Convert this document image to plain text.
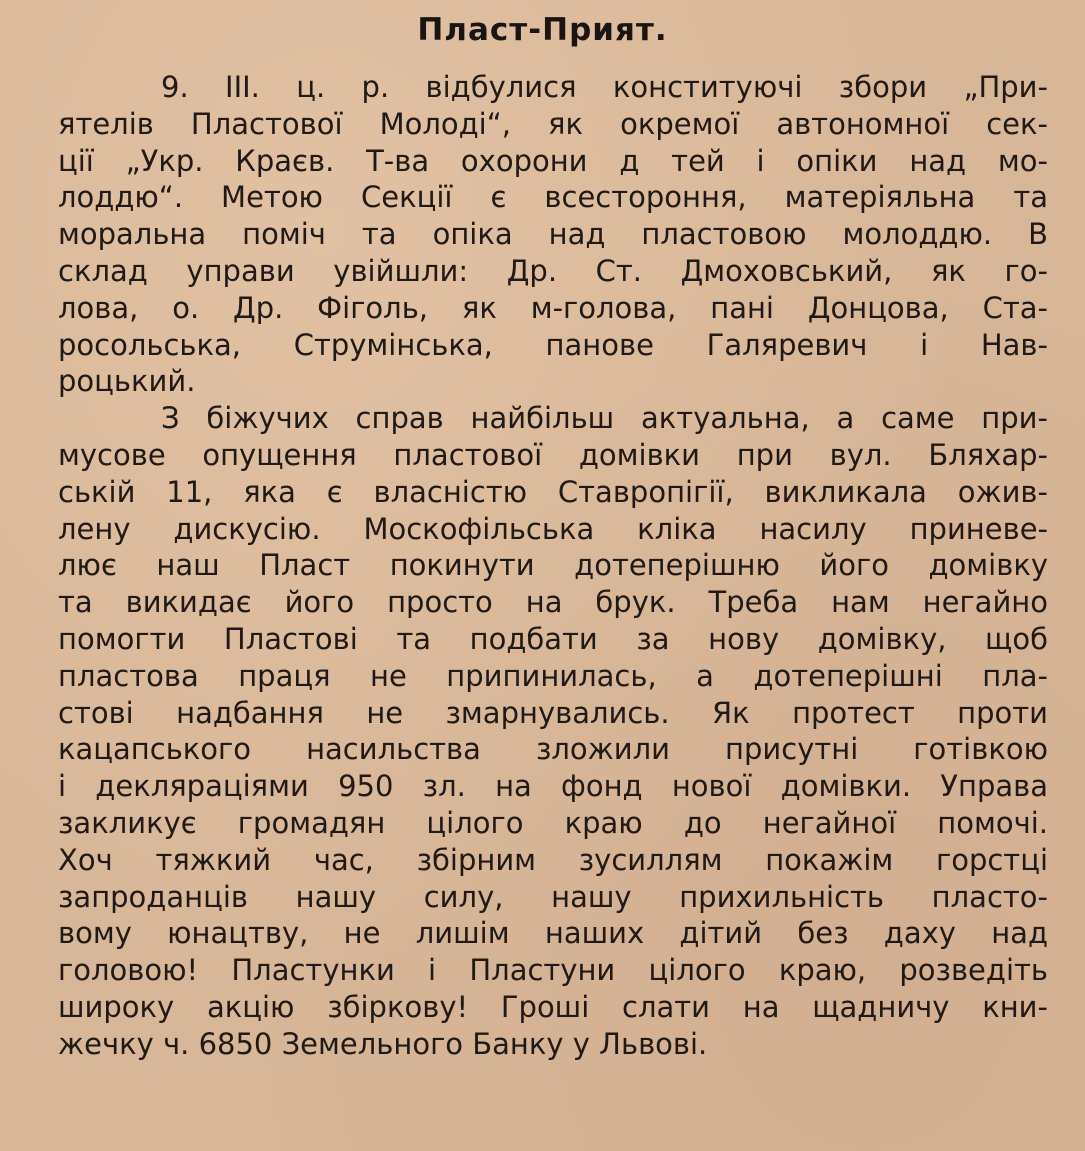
Пласт-Прият.
9. III. ц. р. відбулися конституючі збори „При-
ятелів Пластової Молоді“, як окремої автономної сек-
ції „Укр. Краєв. Т-ва охорони д тей і опіки над мо-
лоддю“. Метою Секції є всестороння, матеріяльна та
моральна поміч та опіка над пластовою молоддю. В
склад управи увійшли: Др. Ст. Дмоховський, як го-
лова, о. Др. Фіголь, як м-голова, пані Донцова, Ста-
росольська, Струмінська, панове Галяревич і Нав-
роцький.
З біжучих справ найбільш актуальна, а саме при-
мусове опущення пластової домівки при вул. Бляхар-
ській 11, яка є власністю Ставропігії, викликала ожив-
лену дискусію. Москофільська кліка насилу приневе-
лює наш Пласт покинути дотеперішню його домівку
та викидає його просто на брук. Треба нам негайно
помогти Пластові та подбати за нову домівку, щоб
пластова праця не припинилась, а дотеперішні пла-
стові надбання не змарнувались. Як протест проти
кацапського насильства зложили присутні готівкою
і деклярацiями 950 зл. на фонд нової домівки. Управа
закликує громадян цілого краю до негайної помочі.
Хоч тяжкий час, збірним зусиллям покажім горстці
запроданців нашу силу, нашу прихильність пласто-
вому юнацтву, не лишім наших дітий без даху над
головою! Пластунки і Пластуни цілого краю, розведіть
широку акцію збіркову! Гроші слати на щадничу кни-
жечку ч. 6850 Земельного Банку у Львові.
